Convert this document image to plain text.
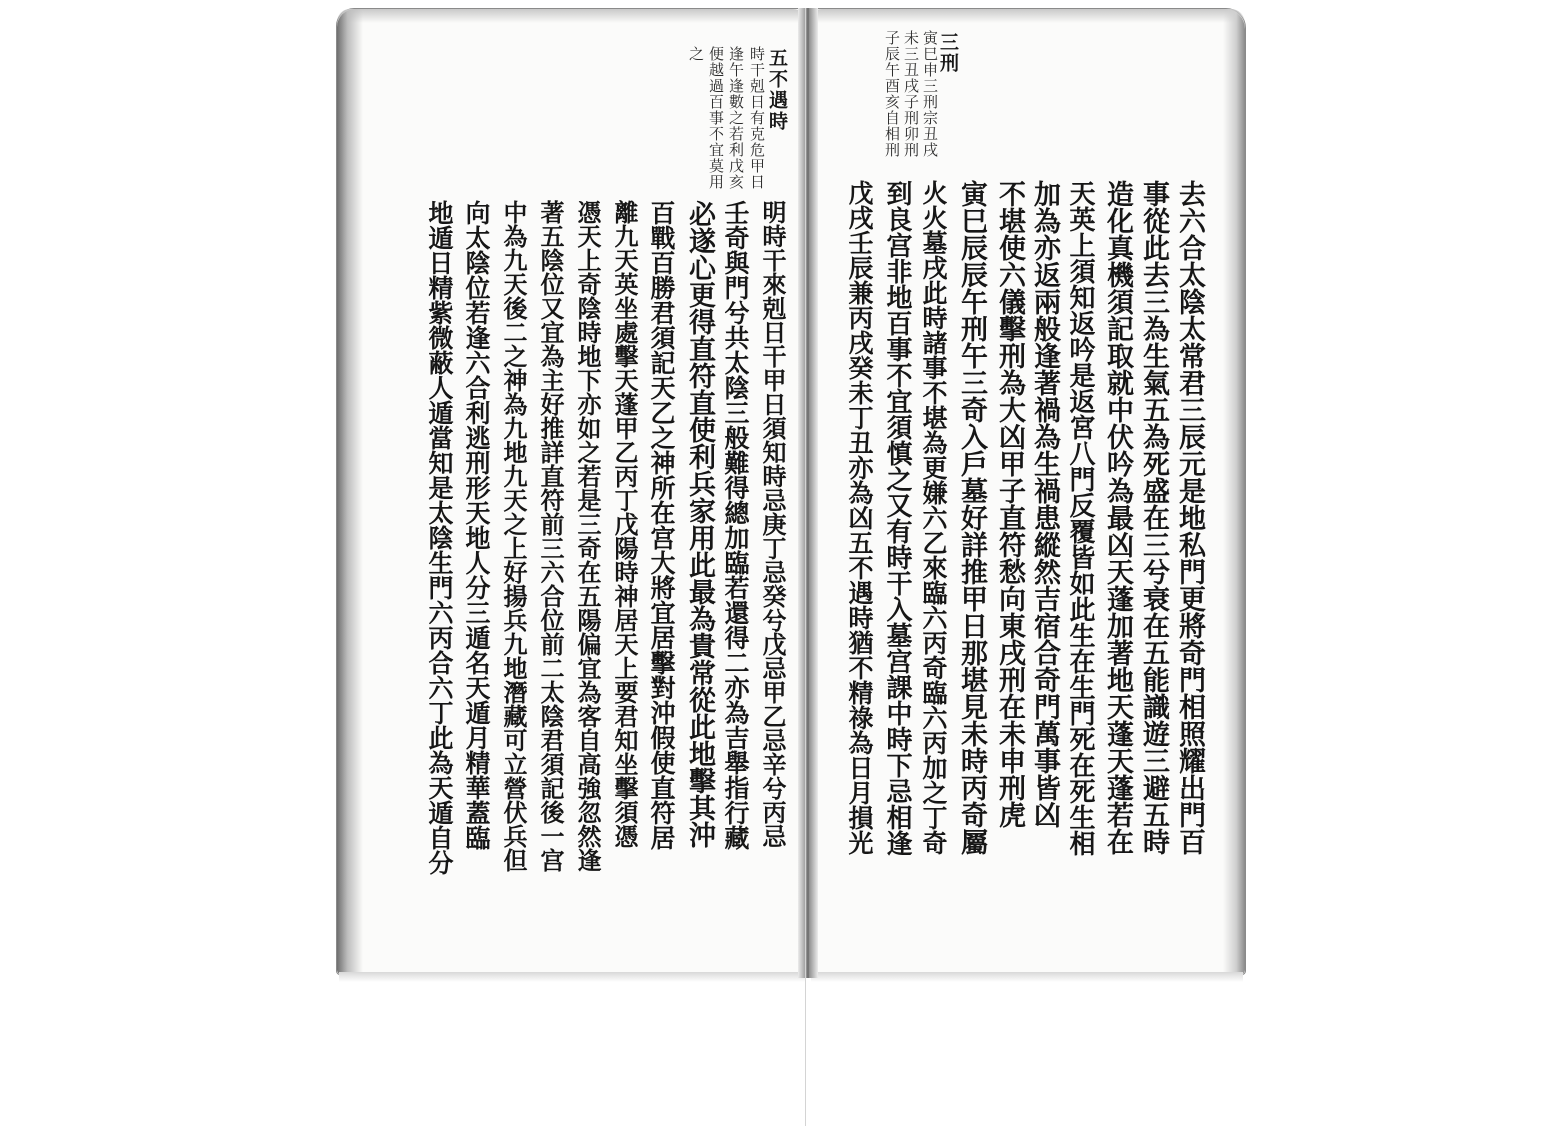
三刑
寅巳申三刑宗丑戌
未三丑戌子刑卯刑
子辰午酉亥自相刑
去六合太陰太常君三辰元是地私門更將奇門相照耀出門百
事從此去三為生氣五為死盛在三兮衰在五能識遊三避五時
造化真機須記取就中伏吟為最凶天蓬加著地天蓬天蓬若在
天英上須知返吟是返宮八門反覆皆如此生在生門死在死生相
加為亦返兩般逢著禍為生禍患縱然吉宿合奇門萬事皆凶
不堪使六儀擊刑為大凶甲子直符愁向東戌刑在未申刑虎
寅巳辰辰午刑午三奇入戶墓好詳推甲日那堪見未時丙奇屬
火火墓戌此時諸事不堪為更嫌六乙來臨六丙奇臨六丙加之丁奇
到良宫非地百事不宜須慎之又有時干入墓宫課中時下忌相逢
戊戌壬辰兼丙戌癸未丁丑亦為凶五不遇時猶不精祿為日月損光
五不遇時
時干剋日有克危甲日
逢午逢數之若利戊亥
便越過百事不宜莫用
之
明時干來剋日干甲日須知時忌庚丁忌癸兮戊忌甲乙忌辛兮丙忌
壬奇與門兮共太陰三般難得總加臨若還得二亦為吉舉指行藏
必遂心更得直符直使利兵家用此最為貴常從此地擊其沖
百戰百勝君須記天乙之神所在宫大將宜居擊對沖假使直符居
離九天英坐處擊天蓬甲乙丙丁戊陽時神居天上要君知坐擊須憑
憑天上奇陰時地下亦如之若是三奇在五陽偏宜為客自高強忽然逢
著五陰位又宜為主好推詳直符前三六合位前二太陰君須記後一宫
中為九天後二之神為九地九天之上好揚兵九地潛藏可立營伏兵但
向太陰位若逢六合利逃刑形天地人分三遁名天遁月精華蓋臨
地遁日精紫微蔽人遁當知是太陰生門六丙合六丁此為天遁自分
